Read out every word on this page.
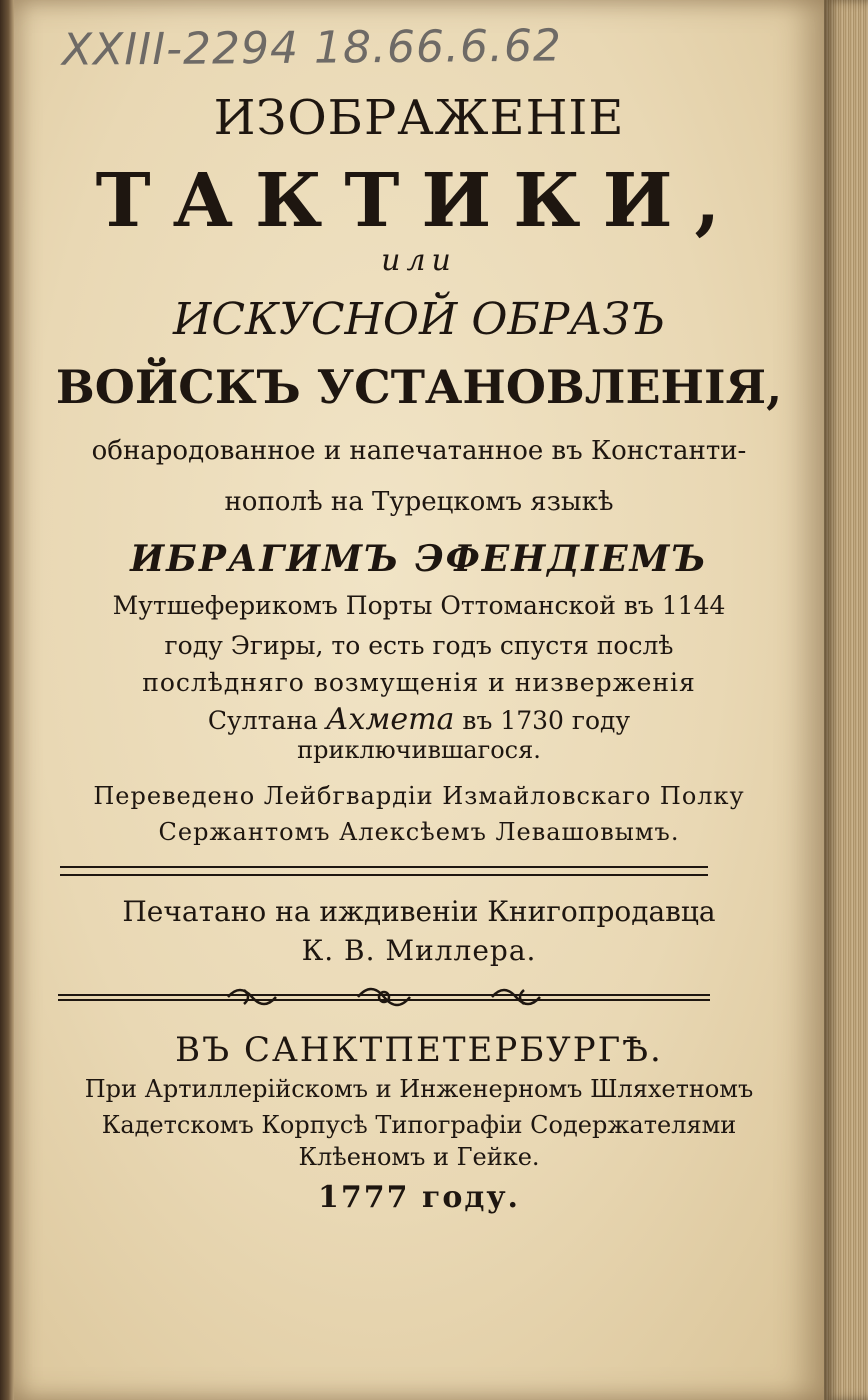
XXIII-2294 18.66.6.62
ИЗОБРАЖЕНІЕ
ТАКТИКИ,
или
ИСКУСНОЙ ОБРАЗЪ
ВОЙСКЪ УСТАНОВЛЕНІЯ,
обнародованное и напечатанное въ Константи-
нополѣ на Турецкомъ языкѣ
ИБРАГИМЪ ЭФЕНДІЕМЪ
Мутшеферикомъ Порты Оттоманской въ 1144
году Эгиры, то есть годъ спустя послѣ
послѣдняго возмущенія и низверженія
Султана Ахмета въ 1730 году
приключившагося.
Переведено Лейбгвардіи Измайловскаго Полку
Сержантомъ Алексѣемъ Левашовымъ.
Печатано на иждивеніи Книгопродавца
К. В. Миллера.
ВЪ САНКТПЕТЕРБУРГѢ.
При Артиллерійскомъ и Инженерномъ Шляхетномъ
Кадетскомъ Корпусѣ Типографіи Содержателями
Клѣеномъ и Гейке.
1777 году.
